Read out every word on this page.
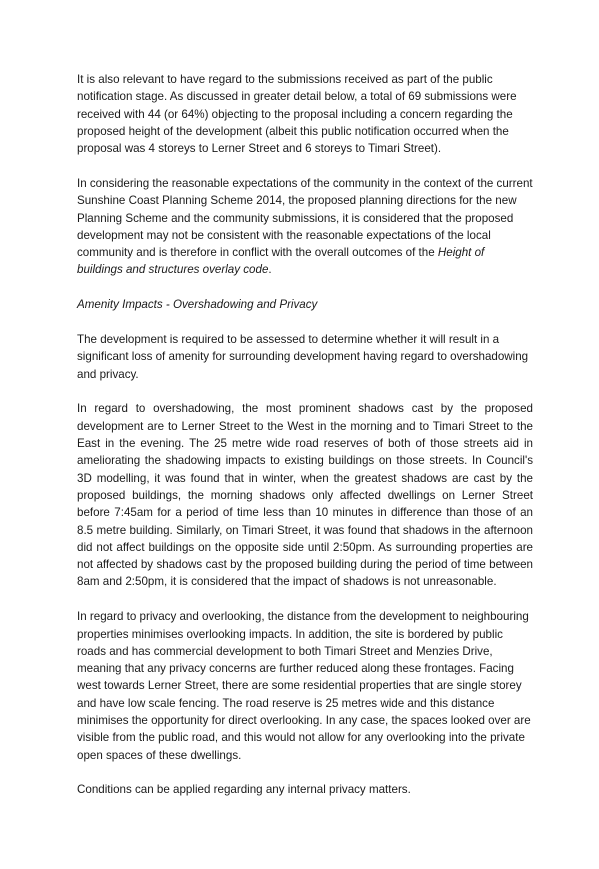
It is also relevant to have regard to the submissions received as part of the public notification stage. As discussed in greater detail below, a total of 69 submissions were received with 44 (or 64%) objecting to the proposal including a concern regarding the proposed height of the development (albeit this public notification occurred when the proposal was 4 storeys to Lerner Street and 6 storeys to Timari Street).

In considering the reasonable expectations of the community in the context of the current Sunshine Coast Planning Scheme 2014, the proposed planning directions for the new Planning Scheme and the community submissions, it is considered that the proposed development may not be consistent with the reasonable expectations of the local community and is therefore in conflict with the overall outcomes of the Height of buildings and structures overlay code.

Amenity Impacts - Overshadowing and Privacy

The development is required to be assessed to determine whether it will result in a significant loss of amenity for surrounding development having regard to overshadowing and privacy.

In regard to overshadowing, the most prominent shadows cast by the proposed development are to Lerner Street to the West in the morning and to Timari Street to the East in the evening. The 25 metre wide road reserves of both of those streets aid in ameliorating the shadowing impacts to existing buildings on those streets. In Council's 3D modelling, it was found that in winter, when the greatest shadows are cast by the proposed buildings, the morning shadows only affected dwellings on Lerner Street before 7:45am for a period of time less than 10 minutes in difference than those of an 8.5 metre building. Similarly, on Timari Street, it was found that shadows in the afternoon did not affect buildings on the opposite side until 2:50pm. As surrounding properties are not affected by shadows cast by the proposed building during the period of time between 8am and 2:50pm, it is considered that the impact of shadows is not unreasonable.

In regard to privacy and overlooking, the distance from the development to neighbouring properties minimises overlooking impacts. In addition, the site is bordered by public roads and has commercial development to both Timari Street and Menzies Drive, meaning that any privacy concerns are further reduced along these frontages. Facing west towards Lerner Street, there are some residential properties that are single storey and have low scale fencing. The road reserve is 25 metres wide and this distance minimises the opportunity for direct overlooking. In any case, the spaces looked over are visible from the public road, and this would not allow for any overlooking into the private open spaces of these dwellings.

Conditions can be applied regarding any internal privacy matters.
